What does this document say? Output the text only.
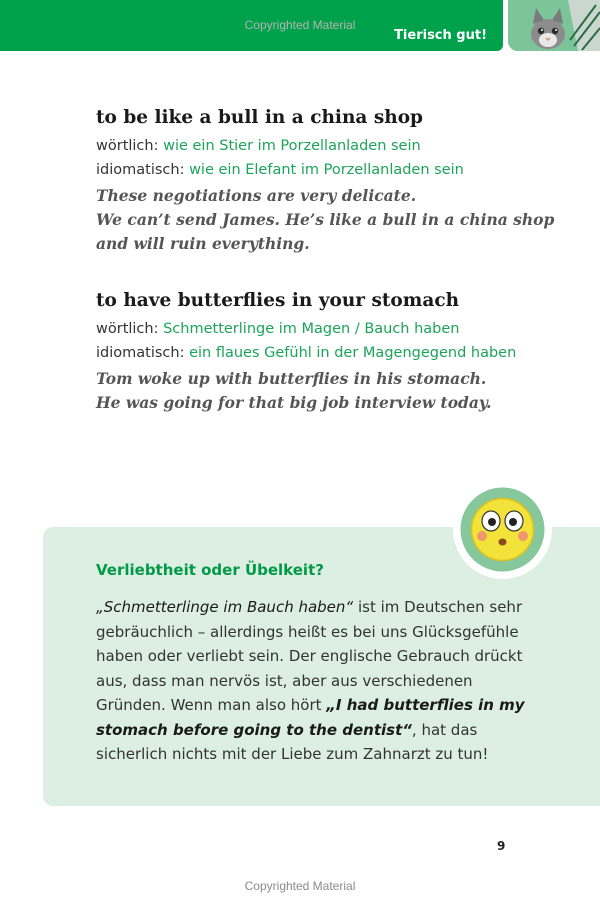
Tierisch gut!
Copyrighted Material
to be like a bull in a china shop
wörtlich: wie ein Stier im Porzellanladen sein
idiomatisch: wie ein Elefant im Porzellanladen sein
These negotiations are very delicate.
We can’t send James. He’s like a bull in a china shop
and will ruin everything.
to have butterflies in your stomach
wörtlich: Schmetterlinge im Magen / Bauch haben
idiomatisch: ein flaues Gefühl in der Magengegend haben
Tom woke up with butterflies in his stomach.
He was going for that big job interview today.
Verliebtheit oder Übelkeit?
„Schmetterlinge im Bauch haben“ ist im Deutschen sehr gebräuchlich – allerdings heißt es bei uns Glücksgefühle haben oder verliebt sein. Der englische Gebrauch drückt aus, dass man nervös ist, aber aus verschiedenen Gründen. Wenn man also hört „I had butterflies in my stomach before going to the dentist“, hat das sicherlich nichts mit der Liebe zum Zahnarzt zu tun!
9
Copyrighted Material
